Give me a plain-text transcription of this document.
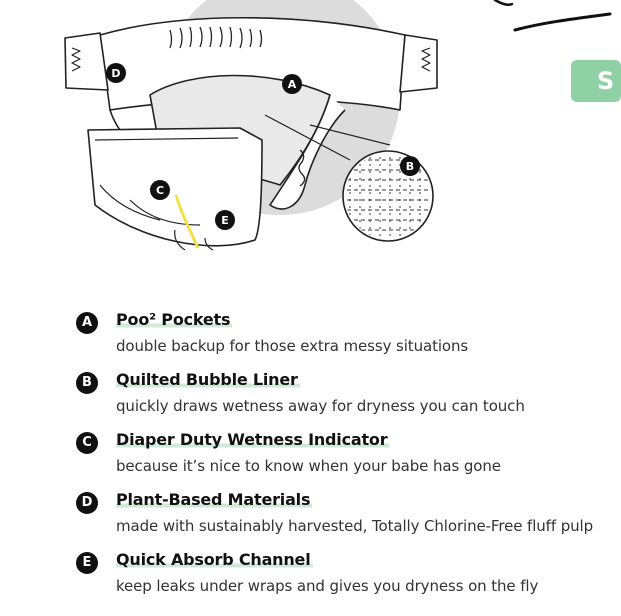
A
B
C
D
E
S
A	Poo² Pockets
double backup for those extra messy situations
B	Quilted Bubble Liner
quickly draws wetness away for dryness you can touch
C	Diaper Duty Wetness Indicator
because it’s nice to know when your babe has gone
D	Plant-Based Materials
made with sustainably harvested, Totally Chlorine-Free fluff pulp
E	Quick Absorb Channel
keep leaks under wraps and gives you dryness on the fly
